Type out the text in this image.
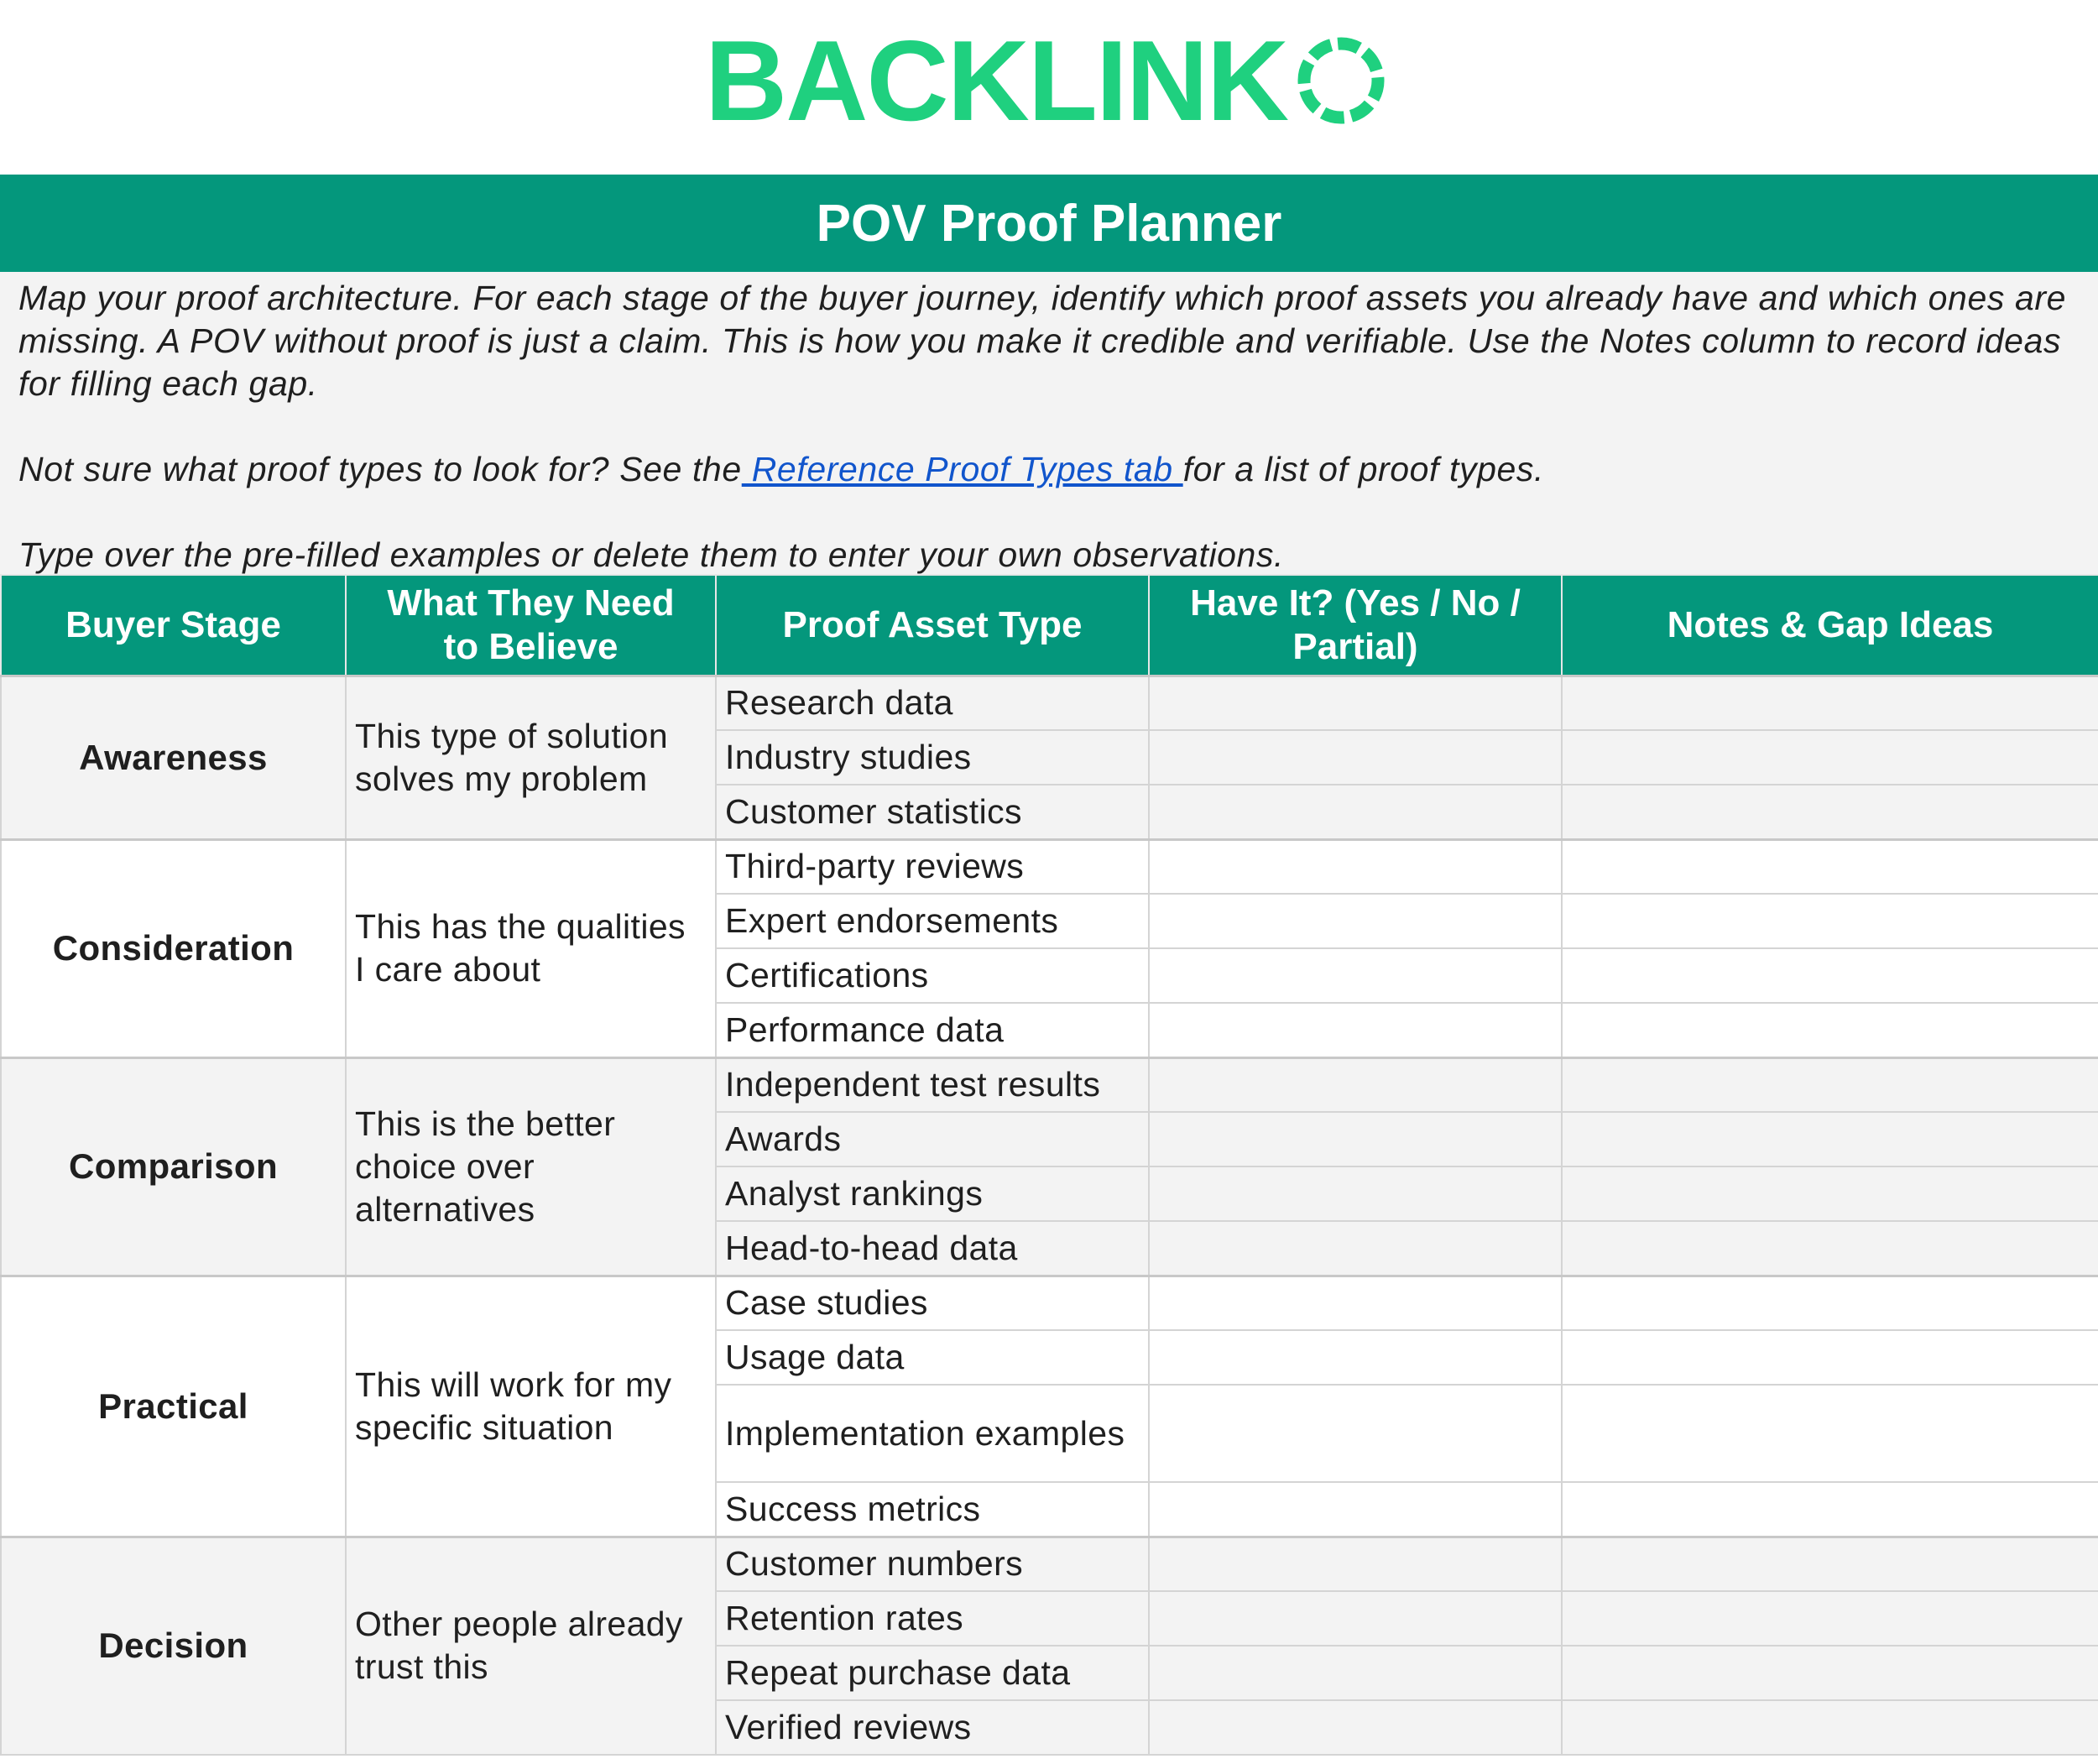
BACKLINK
POV Proof Planner

Map your proof architecture. For each stage of the buyer journey, identify which proof assets you already have and which ones are missing. A POV without proof is just a claim. This is how you make it credible and verifiable. Use the Notes column to record ideas for filling each gap.

Not sure what proof types to look for? See the Reference Proof Types tab for a list of proof types.

Type over the pre-filled examples or delete them to enter your own observations.

Buyer Stage	What They Need to Believe	Proof Asset Type	Have It? (Yes / No / Partial)	Notes & Gap Ideas
Awareness	This type of solution solves my problem	Research data		
		Industry studies		
		Customer statistics		
Consideration	This has the qualities I care about	Third-party reviews		
		Expert endorsements		
		Certifications		
		Performance data		
Comparison	This is the better choice over alternatives	Independent test results		
		Awards		
		Analyst rankings		
		Head-to-head data		
Practical	This will work for my specific situation	Case studies		
		Usage data		
		Implementation examples		
		Success metrics		
Decision	Other people already trust this	Customer numbers		
		Retention rates		
		Repeat purchase data		
		Verified reviews		
